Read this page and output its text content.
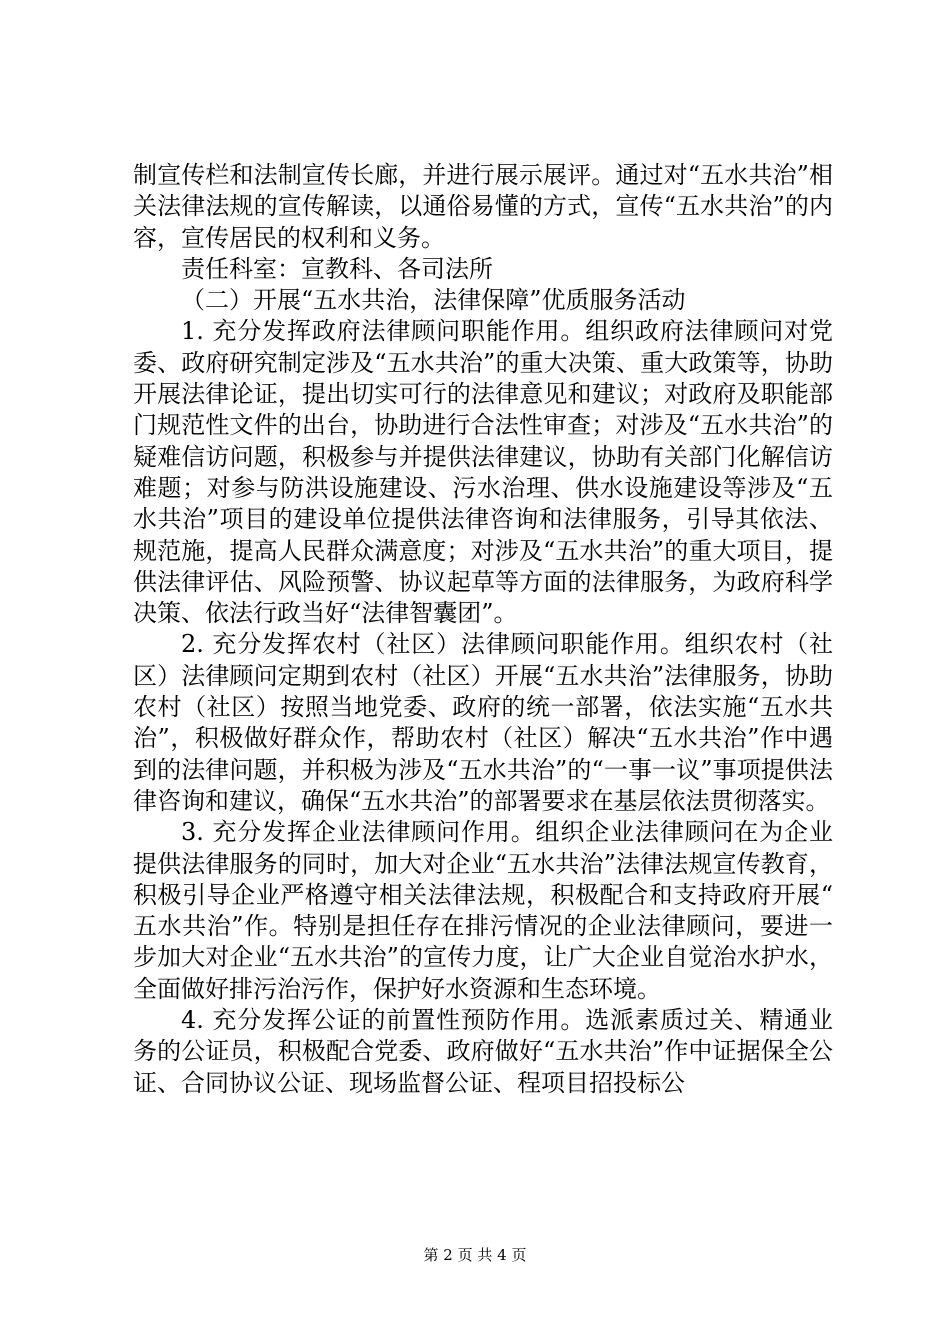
制宣传栏和法制宣传长廊，并进行展示展评。通过对“五水共治”相关法律法规的宣传解读，以通俗易懂的方式，宣传“五水共治”的内容，宣传居民的权利和义务。

责任科室：宣教科、各司法所

（二）开展“五水共治，法律保障”优质服务活动

1. 充分发挥政府法律顾问职能作用。组织政府法律顾问对党委、政府研究制定涉及“五水共治”的重大决策、重大政策等，协助开展法律论证，提出切实可行的法律意见和建议；对政府及职能部门规范性文件的出台，协助进行合法性审查；对涉及“五水共治”的疑难信访问题，积极参与并提供法律建议，协助有关部门化解信访难题；对参与防洪设施建设、污水治理、供水设施建设等涉及“五水共治”项目的建设单位提供法律咨询和法律服务，引导其依法、规范施，提高人民群众满意度；对涉及“五水共治”的重大项目，提供法律评估、风险预警、协议起草等方面的法律服务，为政府科学决策、依法行政当好“法律智囊团”。

2. 充分发挥农村（社区）法律顾问职能作用。组织农村（社区）法律顾问定期到农村（社区）开展“五水共治”法律服务，协助农村（社区）按照当地党委、政府的统一部署，依法实施“五水共治”，积极做好群众作，帮助农村（社区）解决“五水共治”作中遇到的法律问题，并积极为涉及“五水共治”的“一事一议”事项提供法律咨询和建议，确保“五水共治”的部署要求在基层依法贯彻落实。

3. 充分发挥企业法律顾问作用。组织企业法律顾问在为企业提供法律服务的同时，加大对企业“五水共治”法律法规宣传教育，积极引导企业严格遵守相关法律法规，积极配合和支持政府开展“五水共治”作。特别是担任存在排污情况的企业法律顾问，要进一步加大对企业“五水共治”的宣传力度，让广大企业自觉治水护水，全面做好排污治污作，保护好水资源和生态环境。

4. 充分发挥公证的前置性预防作用。选派素质过关、精通业务的公证员，积极配合党委、政府做好“五水共治”作中证据保全公证、合同协议公证、现场监督公证、程项目招投标公

第 2 页 共 4 页
